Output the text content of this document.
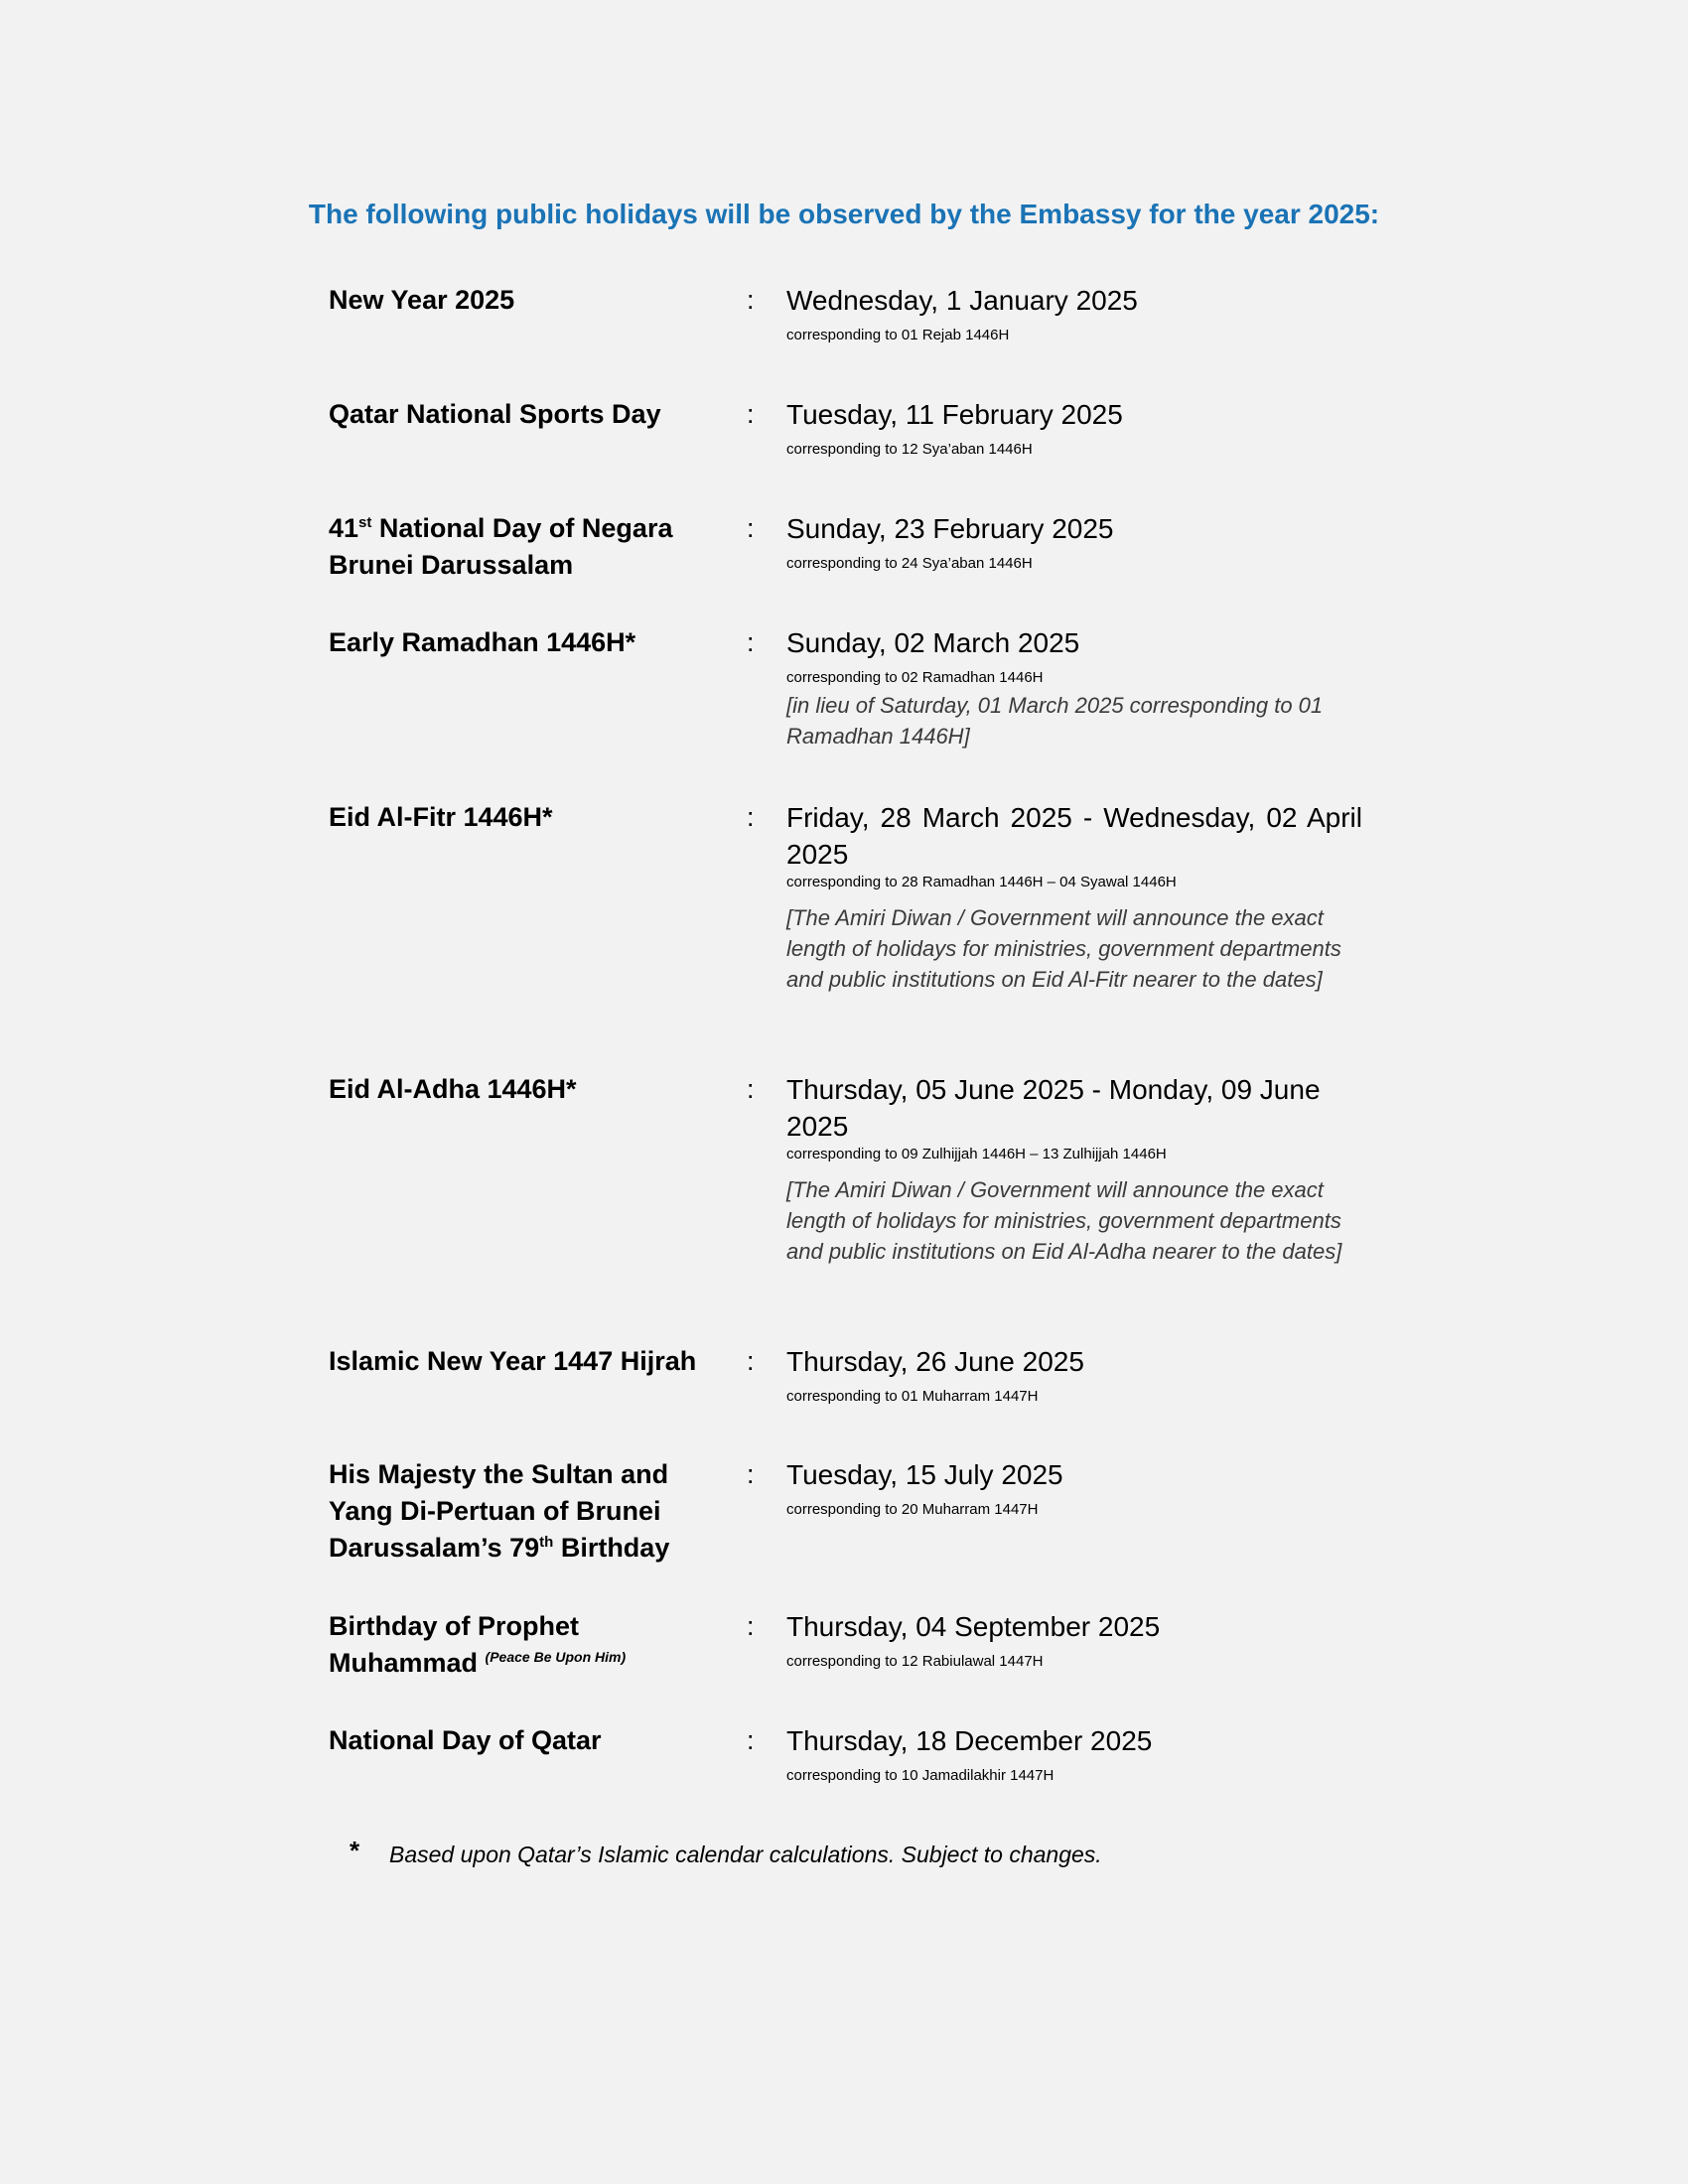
The following public holidays will be observed by the Embassy for the year 2025:
New Year 2025	: Wednesday, 1 January 2025
corresponding to 01 Rejab 1446H
Qatar National Sports Day	: Tuesday, 11 February 2025
corresponding to 12 Sya’aban 1446H
41st National Day of Negara Brunei Darussalam
: Sunday, 23 February 2025
corresponding to 24 Sya’aban 1446H
Early Ramadhan 1446H*	: Sunday, 02 March 2025
corresponding to 02 Ramadhan 1446H
[in lieu of Saturday, 01 March 2025 corresponding to 01 Ramadhan 1446H]
Eid Al-Fitr 1446H*	: Friday, 28 March 2025 - Wednesday, 02 April 2025
corresponding to 28 Ramadhan 1446H – 04 Syawal 1446H
[The Amiri Diwan / Government will announce the exact length of holidays for ministries, government departments and public institutions on Eid Al-Fitr nearer to the dates]
Eid Al-Adha 1446H*	: Thursday, 05 June 2025 - Monday, 09 June 2025
corresponding to 09 Zulhijjah 1446H – 13 Zulhijjah 1446H
[The Amiri Diwan / Government will announce the exact length of holidays for ministries, government departments and public institutions on Eid Al-Adha nearer to the dates]
Islamic New Year 1447 Hijrah	: Thursday, 26 June 2025
corresponding to 01 Muharram 1447H
His Majesty the Sultan and Yang Di-Pertuan of Brunei Darussalam’s 79th Birthday
: Tuesday, 15 July 2025
corresponding to 20 Muharram 1447H
Birthday of Prophet Muhammad $^{(Peace Be Upon Him)}$
: Thursday, 04 September 2025
corresponding to 12 Rabiulawal 1447H
National Day of Qatar	: Thursday, 18 December 2025
corresponding to 10 Jamadilakhir 1447H
* Based upon Qatar’s Islamic calendar calculations. Subject to changes.
